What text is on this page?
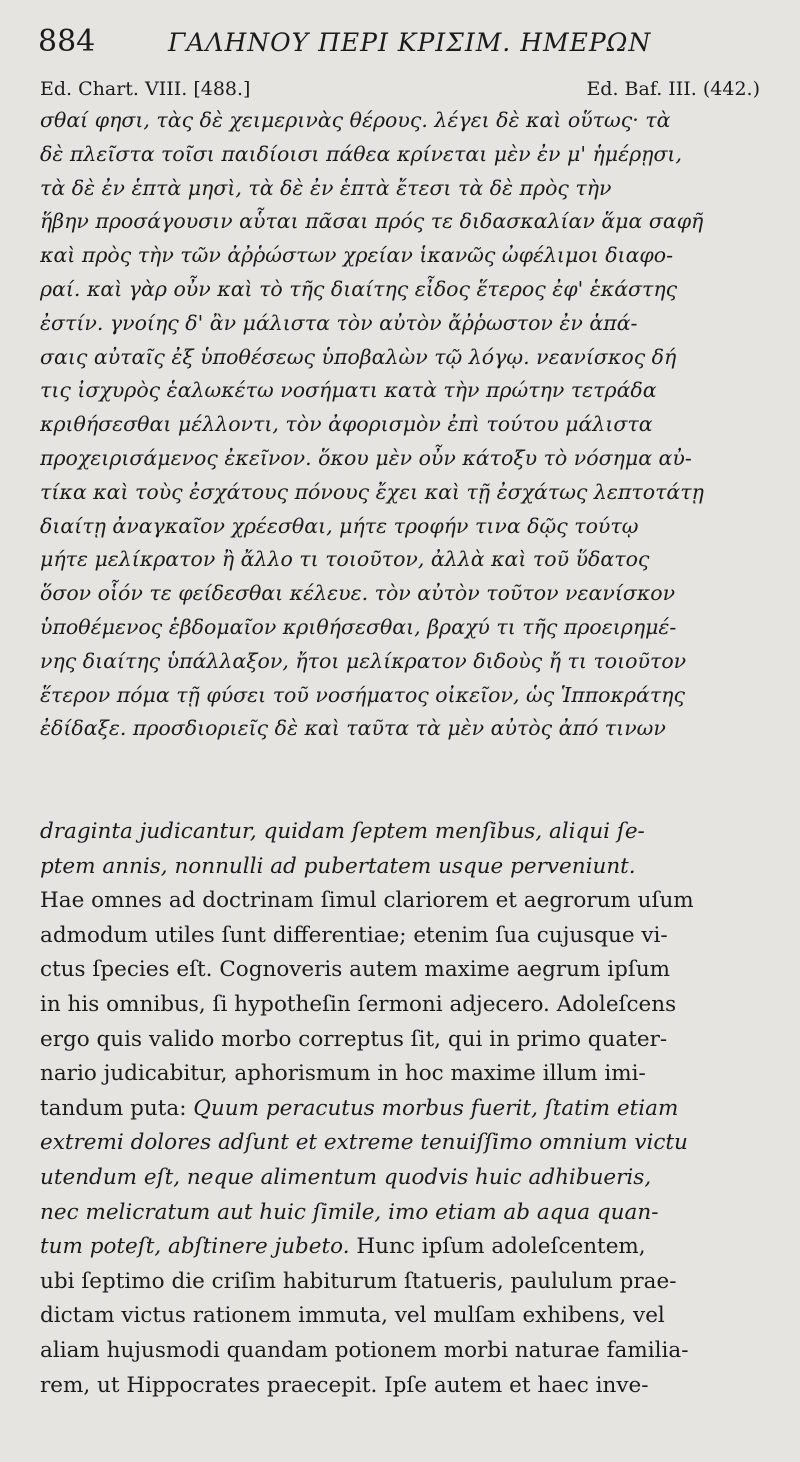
884	ΓΑΛΗΝΟΥ ΠΕΡΙ ΚΡΙΣΙΜ. ΗΜΕΡΩΝ
Ed. Chart. VIII. [488.]	Ed. Baf. III. (442.)
σθαί φησι, τὰς δὲ χειμερινὰς θέρους. λέγει δὲ καὶ οὕτως· τὰ
δὲ πλεῖστα τοῖσι παιδίοισι πάθεα κρίνεται μὲν ἐν μ' ἡμέρῃσι,
τὰ δὲ ἐν ἑπτὰ μησὶ, τὰ δὲ ἐν ἑπτὰ ἔτεσι τὰ δὲ πρὸς τὴν
ἥβην προσάγουσιν αὗται πᾶσαι πρός τε διδασκαλίαν ἅμα σαφῆ
καὶ πρὸς τὴν τῶν ἀῤῥώστων χρείαν ἱκανῶς ὠφέλιμοι διαφο-
ραί. καὶ γὰρ οὖν καὶ τὸ τῆς διαίτης εἶδος ἕτερος ἐφ' ἑκάστης
ἐστίν. γνοίης δ' ἂν μάλιστα τὸν αὐτὸν ἄῤῥωστον ἐν ἁπά-
σαις αὐταῖς ἐξ ὑποθέσεως ὑποβαλὼν τῷ λόγῳ. νεανίσκος δή
τις ἰσχυρὸς ἑαλωκέτω νοσήματι κατὰ τὴν πρώτην τετράδα
κριθήσεσθαι μέλλοντι, τὸν ἀφορισμὸν ἐπὶ τούτου μάλιστα
προχειρισάμενος ἐκεῖνον. ὅκου μὲν οὖν κάτοξυ τὸ νόσημα αὐ-
τίκα καὶ τοὺς ἐσχάτους πόνους ἔχει καὶ τῇ ἐσχάτως λεπτοτάτῃ
διαίτῃ ἀναγκαῖον χρέεσθαι, μήτε τροφήν τινα δῷς τούτῳ
μήτε μελίκρατον ἢ ἄλλο τι τοιοῦτον, ἀλλὰ καὶ τοῦ ὕδατος
ὅσον οἷόν τε φείδεσθαι κέλευε. τὸν αὐτὸν τοῦτον νεανίσκον
ὑποθέμενος ἑβδομαῖον κριθήσεσθαι, βραχύ τι τῆς προειρημέ-
νης διαίτης ὑπάλλαξον, ἤτοι μελίκρατον διδοὺς ἤ τι τοιοῦτον
ἕτερον πόμα τῇ φύσει τοῦ νοσήματος οἰκεῖον, ὡς Ἱπποκράτης
ἐδίδαξε. προσδιοριεῖς δὲ καὶ ταῦτα τὰ μὲν αὐτὸς ἀπό τινων
draginta judicantur, quidam ſeptem menſibus, aliqui ſe-
ptem annis, nonnulli ad pubertatem usque perveniunt.
Hae omnes ad doctrinam ſimul clariorem et aegrorum uſum
admodum utiles ſunt differentiae; etenim ſua cujusque vi-
ctus ſpecies eſt. Cognoveris autem maxime aegrum ipſum
in his omnibus, ſi hypotheſin ſermoni adjecero. Adoleſcens
ergo quis valido morbo correptus ſit, qui in primo quater-
nario judicabitur, aphorismum in hoc maxime illum imi-
tandum puta: Quum peracutus morbus fuerit, ſtatim etiam
extremi dolores adſunt et extreme tenuiſſimo omnium victu
utendum eſt, neque alimentum quodvis huic adhibueris,
nec melicratum aut huic ſimile, imo etiam ab aqua quan-
tum poteſt, abſtinere jubeto. Hunc ipſum adoleſcentem,
ubi ſeptimo die criſim habiturum ſtatueris, paululum prae-
dictam victus rationem immuta, vel mulſam exhibens, vel
aliam hujusmodi quandam potionem morbi naturae familia-
rem, ut Hippocrates praecepit. Ipſe autem et haec inve-
